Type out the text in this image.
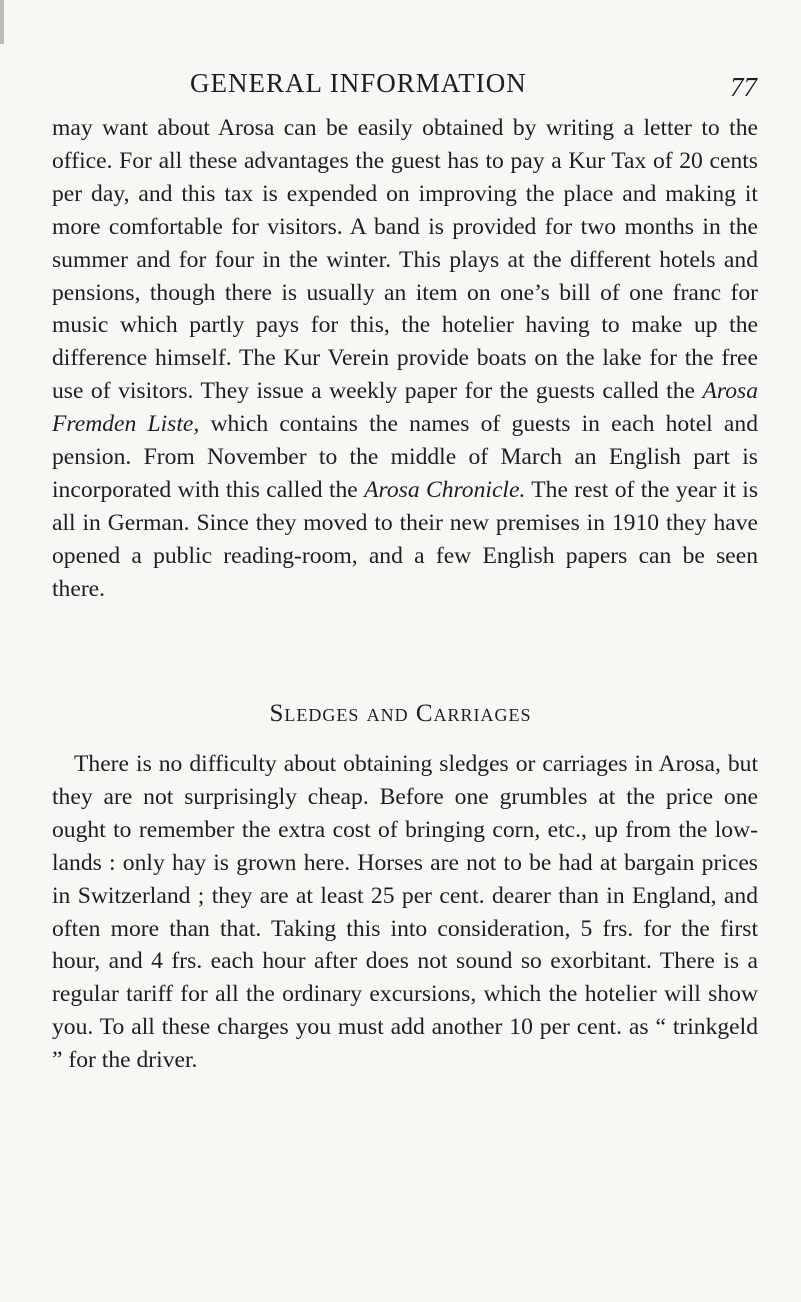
GENERAL INFORMATION	77

may want about Arosa can be easily obtained by writing a letter to the office. For all these advantages the guest has to pay a Kur Tax of 20 cents per day, and this tax is expended on improving the place and making it more comfortable for visitors. A band is provided for two months in the summer and for four in the winter. This plays at the different hotels and pensions, though there is usually an item on one’s bill of one franc for music which partly pays for this, the hotelier having to make up the difference himself. The Kur Verein provide boats on the lake for the free use of visitors. They issue a weekly paper for the guests called the Arosa Fremden Liste, which contains the names of guests in each hotel and pension. From November to the middle of March an English part is incorporated with this called the Arosa Chronicle. The rest of the year it is all in German. Since they moved to their new premises in 1910 they have opened a public reading-room, and a few English papers can be seen there.

Sledges and Carriages

There is no difficulty about obtaining sledges or carriages in Arosa, but they are not surprisingly cheap. Before one grumbles at the price one ought to remember the extra cost of bringing corn, etc., up from the low-lands : only hay is grown here. Horses are not to be had at bargain prices in Switzerland ; they are at least 25 per cent. dearer than in England, and often more than that. Taking this into consideration, 5 frs. for the first hour, and 4 frs. each hour after does not sound so exorbitant. There is a regular tariff for all the ordinary excursions, which the hotelier will show you. To all these charges you must add another 10 per cent. as “ trinkgeld ” for the driver.
